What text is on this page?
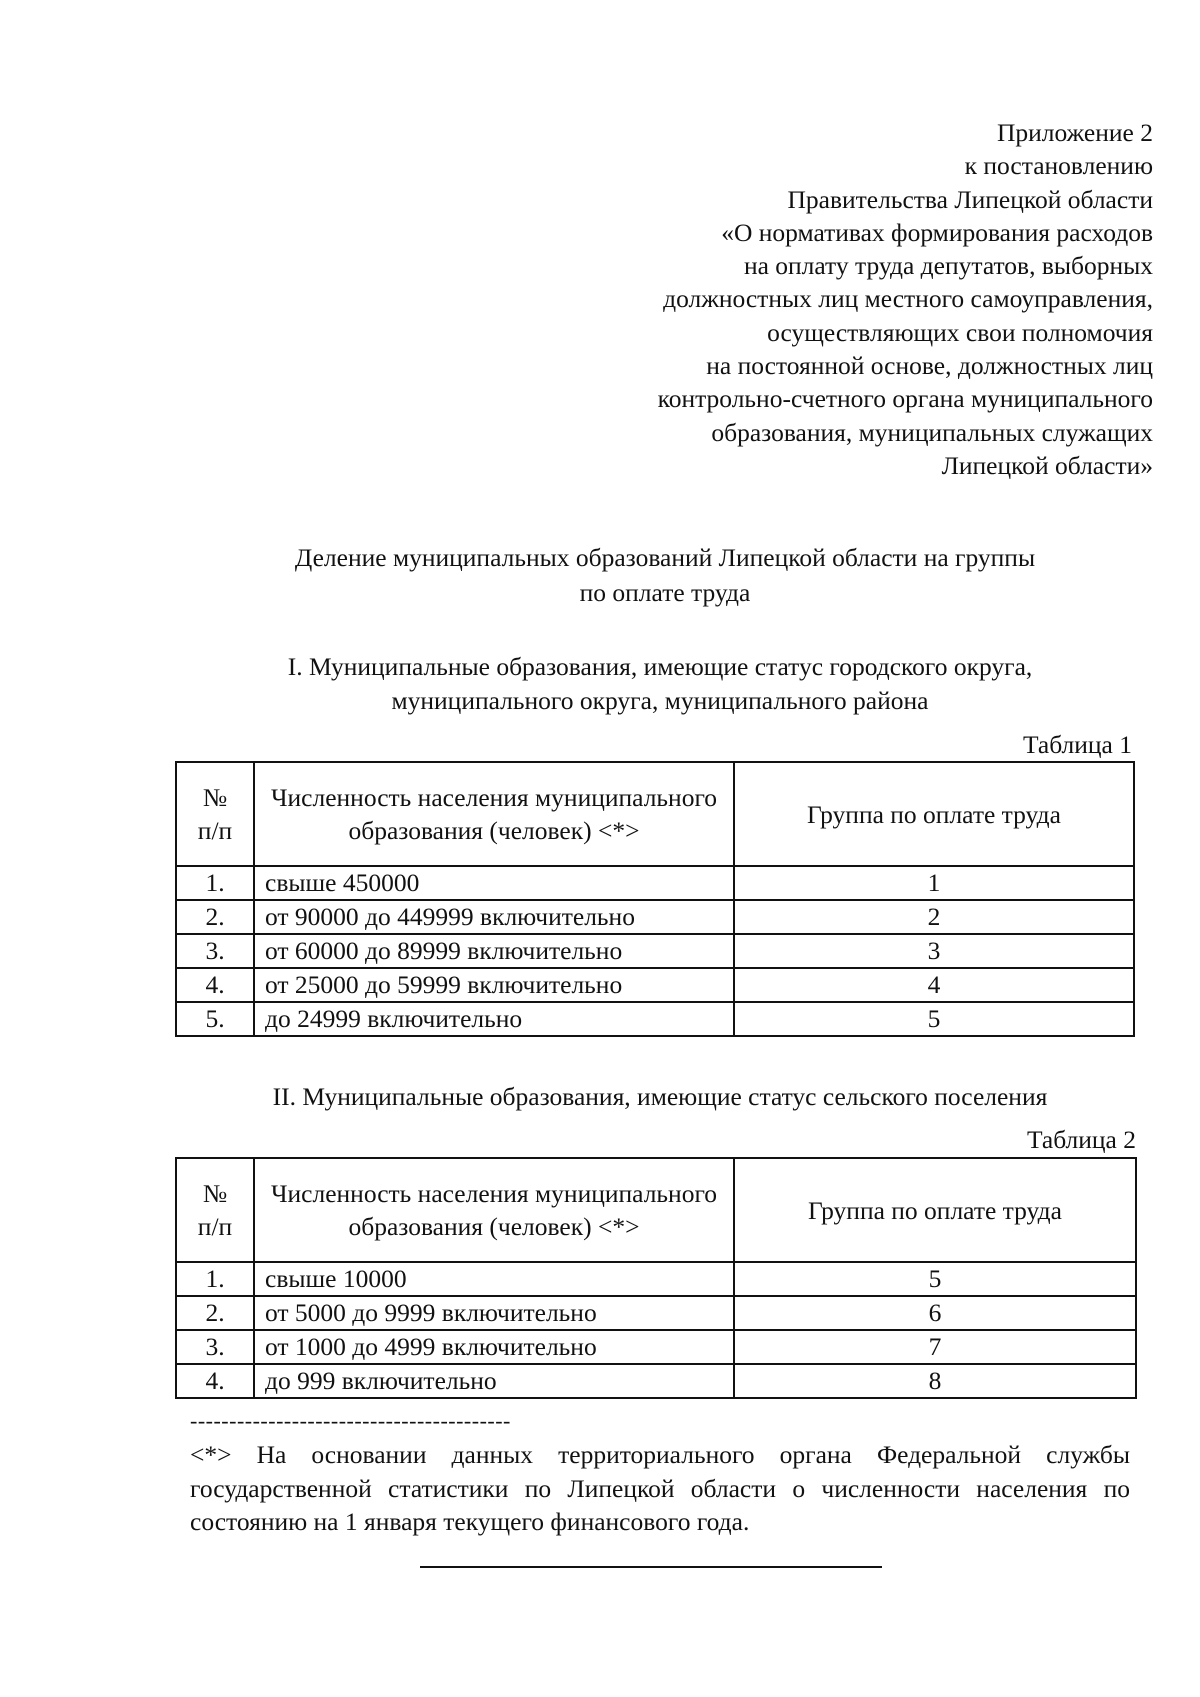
Приложение 2
к постановлению
Правительства Липецкой области
«О нормативах формирования расходов
на оплату труда депутатов, выборных
должностных лиц местного самоуправления,
осуществляющих свои полномочия
на постоянной основе, должностных лиц
контрольно-счетного органа муниципального
образования, муниципальных служащих
Липецкой области»
Деление муниципальных образований Липецкой области на группы
по оплате труда
I. Муниципальные образования, имеющие статус городского округа,
муниципального округа, муниципального района
Таблица 1
№ п/п	Численность населения муниципального образования (человек) <*>	Группа по оплате труда
1.	свыше 450000	1
2.	от 90000 до 449999 включительно	2
3.	от 60000 до 89999 включительно	3
4.	от 25000 до 59999 включительно	4
5.	до 24999 включительно	5
II. Муниципальные образования, имеющие статус сельского поселения
Таблица 2
№ п/п	Численность населения муниципального образования (человек) <*>	Группа по оплате труда
1.	свыше 10000	5
2.	от 5000 до 9999 включительно	6
3.	от 1000 до 4999 включительно	7
4.	до 999 включительно	8
-----------------------------------------
<*> На основании данных территориального органа Федеральной службы государственной статистики по Липецкой области о численности населения по состоянию на 1 января текущего финансового года.
